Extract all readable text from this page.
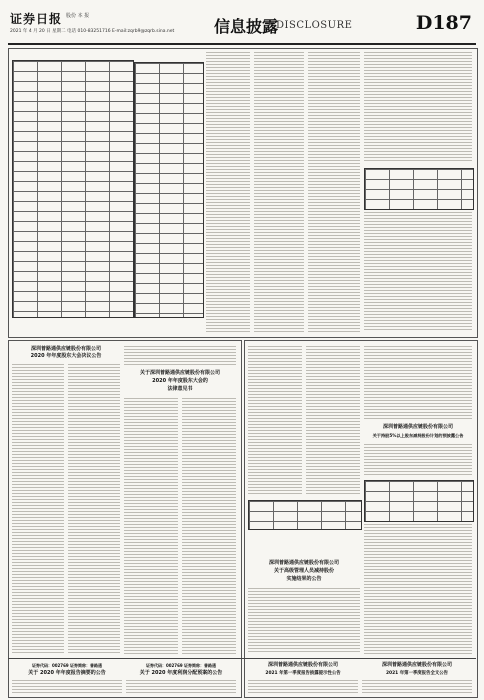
证券日报 股份 本 报
2021 年 4 月 20 日 星期二 电话 010-83251716 E-mail:zqrb9@zqrb.sina.net 信息披露
DISCLOSURE	D187
深圳普路通供应链股份有限公司
2020 年年度股东大会决议公告
关于深圳普路通供应链股份有限公司
2020 年年度股东大会的
法律意见书
深圳普路通供应链股份有限公司
关于高级管理人员减持股份
实施结果的公告
深圳普路通供应链股份有限公司
关于持股5%以上股东减持股份计划的预披露公告
证券代码：002769 证券简称：普路通
关于 2020 年年度报告摘要的公告
证券代码：002769 证券简称：普路通
关于 2020 年度利润分配预案的公告
深圳普路通供应链股份有限公司
2021 年第一季度报告披露提示性公告
深圳普路通供应链股份有限公司
2021 年第一季度报告全文公告
